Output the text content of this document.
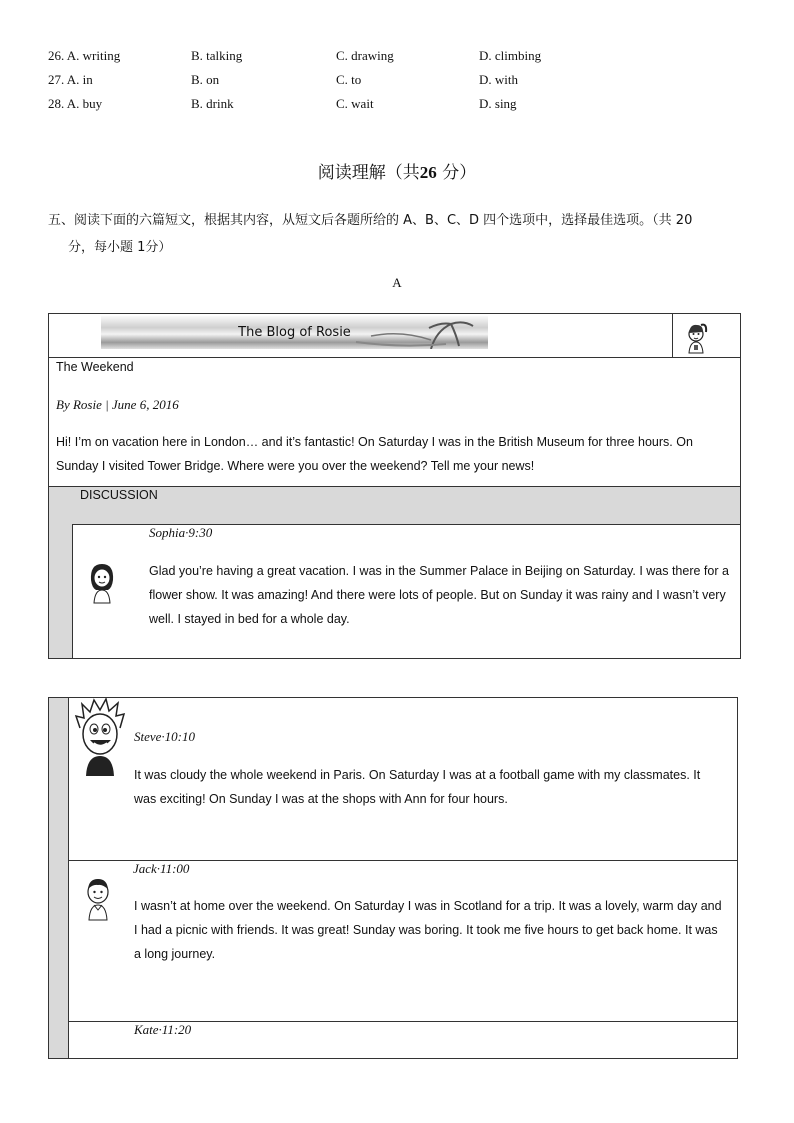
26. A. writing	B. talking	C. drawing	D. climbing
27. A. in	B. on	C. to	D. with
28. A. buy	B. drink	C. wait	D. sing
阅读理解（共26 分）
五、阅读下面的六篇短文，根据其内容，从短文后各题所给的 A、B、C、D 四个选项中，选择最佳选项。（共 20
分，每小题 1分）
A
The Blog of Rosie
The Weekend
By Rosie | June 6, 2016
Hi! I’m on vacation here in London… and it’s fantastic! On Saturday I was in the British Museum for three hours. On Sunday I visited Tower Bridge. Where were you over the weekend? Tell me your news!
DISCUSSION
Sophia·9:30
Glad you’re having a great vacation. I was in the Summer Palace in Beijing on Saturday. I was there for a flower show. It was amazing! And there were lots of people. But on Sunday it was rainy and I wasn’t very well. I stayed in bed for a whole day.
Steve·10:10
It was cloudy the whole weekend in Paris. On Saturday I was at a football game with my classmates. It was exciting! On Sunday I was at the shops with Ann for four hours.
Jack·11:00
I wasn’t at home over the weekend. On Saturday I was in Scotland for a trip. It was a lovely, warm day and I had a picnic with friends. It was great! Sunday was boring. It took me five hours to get back home. It was a long journey.
Kate·11:20
